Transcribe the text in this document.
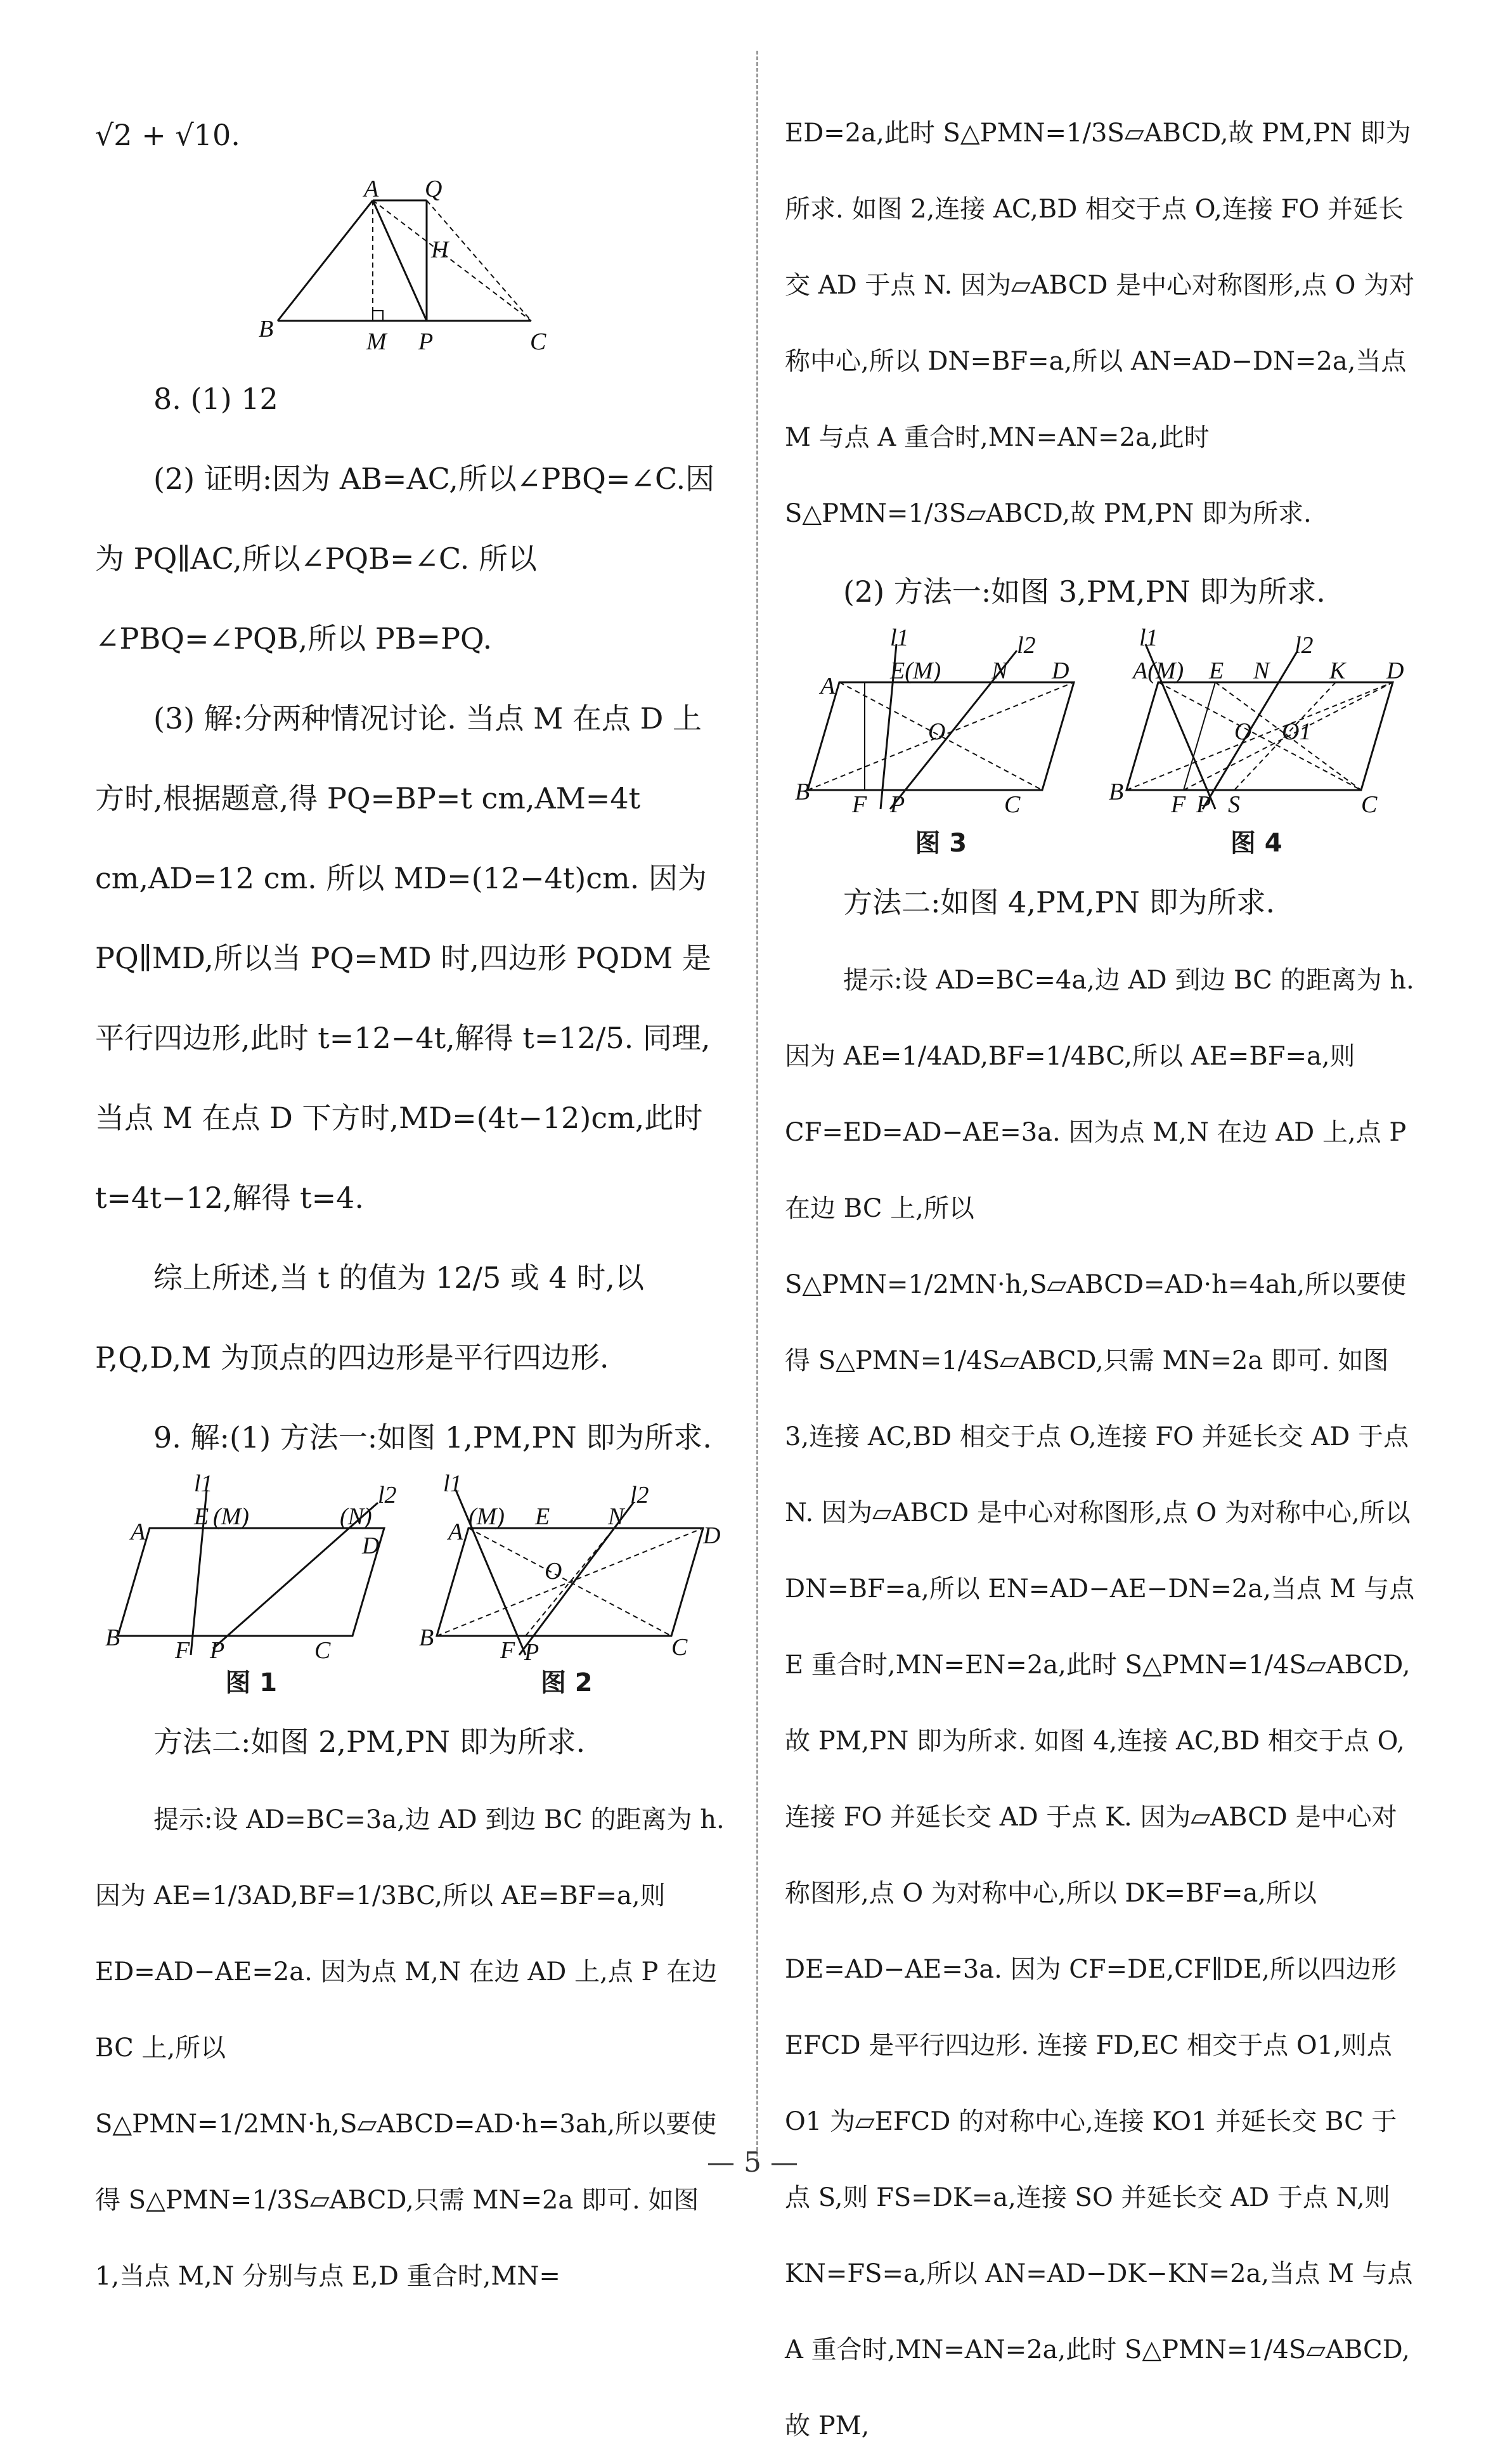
√2 + √10.

A Q
H
B	M P	C

8. (1) 12

(2) 证明:因为 AB=AC,所以∠PBQ=∠C.因为 PQ∥AC,所以∠PQB=∠C. 所以∠PBQ=∠PQB,所以 PB=PQ.

(3) 解:分两种情况讨论. 当点 M 在点 D 上方时,根据题意,得 PQ=BP=t cm,AM=4t cm,AD=12 cm. 所以 MD=(12−4t)cm. 因为 PQ∥MD,所以当 PQ=MD 时,四边形 PQDM 是平行四边形,此时 t=12−4t,解得 t=12/5. 同理,当点 M 在点 D 下方时,MD=(4t−12)cm,此时 t=4t−12,解得 t=4.

综上所述,当 t 的值为 12/5 或 4 时,以 P,Q,D,M 为顶点的四边形是平行四边形.

9. 解:(1) 方法一:如图 1,PM,PN 即为所求.

l1	l2
A
E (M)	(N)
D
B F P	C
图 1
l1	l2
A
(M) E N
D
O
B	F P	C
图 2

方法二:如图 2,PM,PN 即为所求.

提示:设 AD=BC=3a,边 AD 到边 BC 的距离为 h. 因为 AE=1/3AD,BF=1/3BC,所以 AE=BF=a,则 ED=AD−AE=2a. 因为点 M,N 在边 AD 上,点 P 在边 BC 上,所以 S△PMN=1/2MN·h,S▱ABCD=AD·h=3ah,所以要使得 S△PMN=1/3S▱ABCD,只需 MN=2a 即可. 如图 1,当点 M,N 分别与点 E,D 重合时,MN=

ED=2a,此时 S△PMN=1/3S▱ABCD,故 PM,PN 即为所求. 如图 2,连接 AC,BD 相交于点 O,连接 FO 并延长交 AD 于点 N. 因为▱ABCD 是中心对称图形,点 O 为对称中心,所以 DN=BF=a,所以 AN=AD−DN=2a,当点 M 与点 A 重合时,MN=AN=2a,此时 S△PMN=1/3S▱ABCD,故 PM,PN 即为所求.

(2) 方法一:如图 3,PM,PN 即为所求.

l1	l2
A
E(M) N D
O
B F P	C
图 3
l1	l2
A(M) E N K D
O O1
B F P S	C
图 4

方法二:如图 4,PM,PN 即为所求.

提示:设 AD=BC=4a,边 AD 到边 BC 的距离为 h. 因为 AE=1/4AD,BF=1/4BC,所以 AE=BF=a,则 CF=ED=AD−AE=3a. 因为点 M,N 在边 AD 上,点 P 在边 BC 上,所以 S△PMN=1/2MN·h,S▱ABCD=AD·h=4ah,所以要使得 S△PMN=1/4S▱ABCD,只需 MN=2a 即可. 如图 3,连接 AC,BD 相交于点 O,连接 FO 并延长交 AD 于点 N. 因为▱ABCD 是中心对称图形,点 O 为对称中心,所以 DN=BF=a,所以 EN=AD−AE−DN=2a,当点 M 与点 E 重合时,MN=EN=2a,此时 S△PMN=1/4S▱ABCD,故 PM,PN 即为所求. 如图 4,连接 AC,BD 相交于点 O,连接 FO 并延长交 AD 于点 K. 因为▱ABCD 是中心对称图形,点 O 为对称中心,所以 DK=BF=a,所以 DE=AD−AE=3a. 因为 CF=DE,CF∥DE,所以四边形 EFCD 是平行四边形. 连接 FD,EC 相交于点 O1,则点 O1 为▱EFCD 的对称中心,连接 KO1 并延长交 BC 于点 S,则 FS=DK=a,连接 SO 并延长交 AD 于点 N,则 KN=FS=a,所以 AN=AD−DK−KN=2a,当点 M 与点 A 重合时,MN=AN=2a,此时 S△PMN=1/4S▱ABCD,故 PM,

— 5 —
